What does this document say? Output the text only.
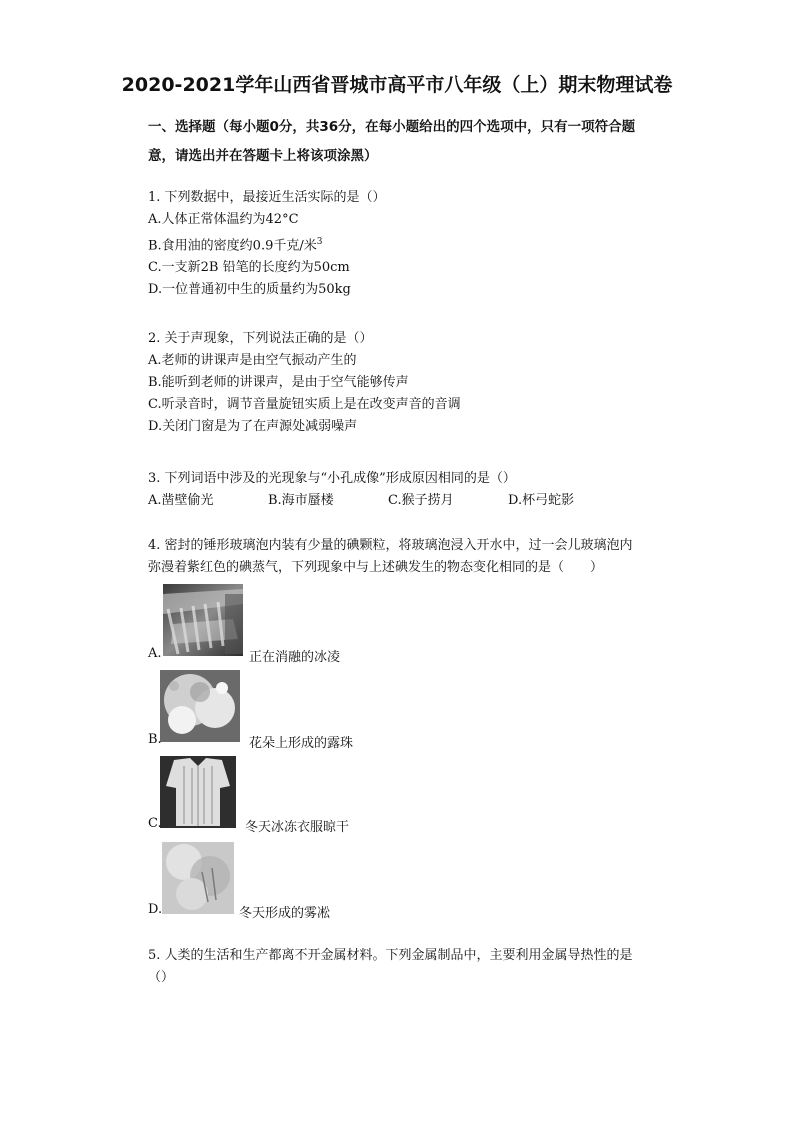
2020-2021学年山西省晋城市高平市八年级（上）期末物理试卷
一、选择题（每小题0分，共36分，在每小题给出的四个选项中，只有一项符合题
意，请选出并在答题卡上将该项涂黑）

1. 下列数据中，最接近生活实际的是（）

A.人体正常体温约为42°C

B.食用油的密度约0.9千克/米$^3$

C.一支新2B 铅笔的长度约为50cm

D.一位普通初中生的质量约为50kg

2. 关于声现象，下列说法正确的是（）

A.老师的讲课声是由空气振动产生的

B.能听到老师的讲课声，是由于空气能够传声

C.听录音时，调节音量旋钮实质上是在改变声音的音调

D.关闭门窗是为了在声源处减弱噪声

3. 下列词语中涉及的光现象与“小孔成像”形成原因相同的是（）

A.凿壁偷光	B.海市蜃楼	C.猴子捞月	D.杯弓蛇影

4. 密封的锤形玻璃泡内装有少量的碘颗粒，将玻璃泡浸入开水中，过一会儿玻璃泡内

弥漫着紫红色的碘蒸气，下列现象中与上述碘发生的物态变化相同的是（　　）

A.	正在消融的冰凌
B.	花朵上形成的露珠
C.	冬天冰冻衣服晾干
D.	冬天形成的雾凇
5. 人类的生活和生产都离不开金属材料。下列金属制品中，主要利用金属导热性的是
（）
